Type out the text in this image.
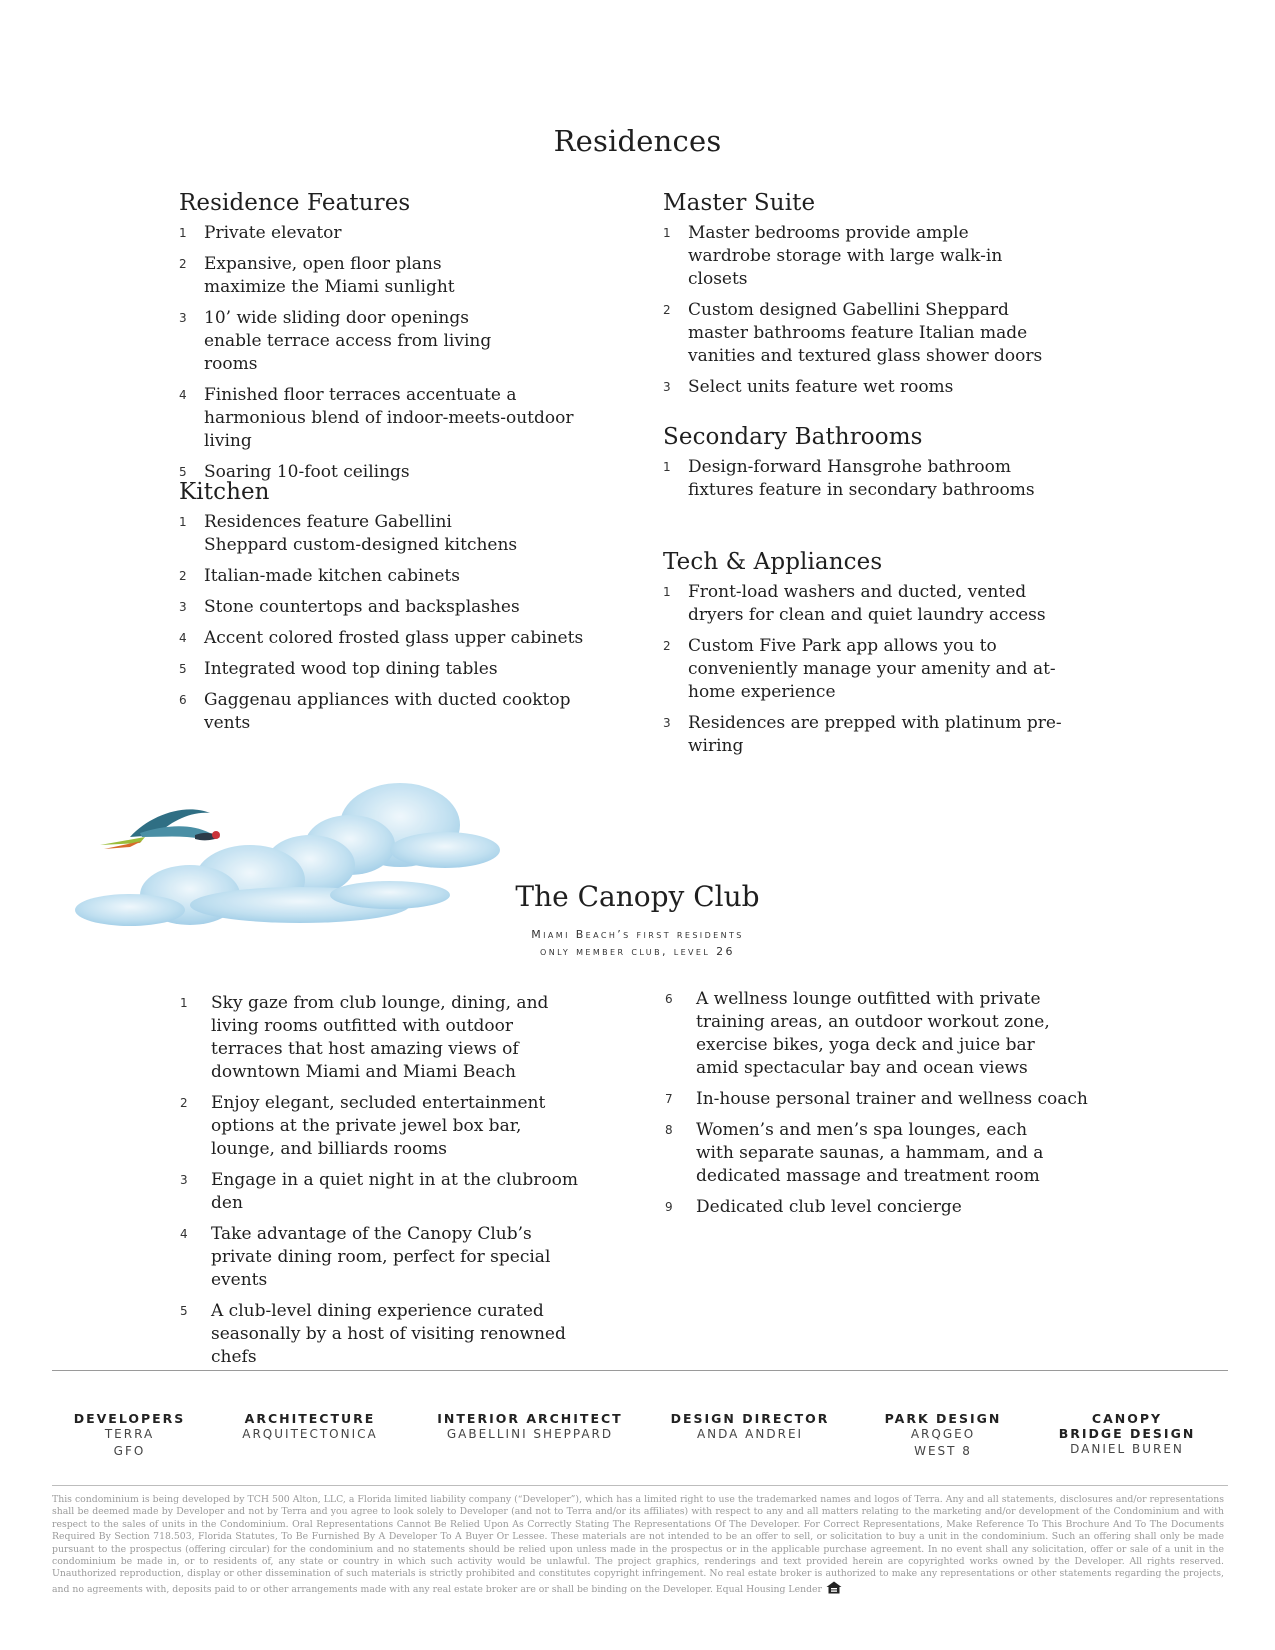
Residences
Residence Features
1 Private elevator
2 Expansive, open floor plans maximize the Miami sunlight
3 10’ wide sliding door openings enable terrace access from living rooms
4 Finished floor terraces accentuate a harmonious blend of indoor-meets-outdoor living
5 Soaring 10-foot ceilings
Kitchen
1 Residences feature Gabellini Sheppard custom-designed kitchens
2 Italian-made kitchen cabinets
3 Stone countertops and backsplashes
4 Accent colored frosted glass upper cabinets
5 Integrated wood top dining tables
6 Gaggenau appliances with ducted cooktop vents
Master Suite
1 Master bedrooms provide ample wardrobe storage with large walk-in closets
2 Custom designed Gabellini Sheppard master bathrooms feature Italian made vanities and textured glass shower doors
3 Select units feature wet rooms
Secondary Bathrooms
1 Design-forward Hansgrohe bathroom fixtures feature in secondary bathrooms
Tech & Appliances
1 Front-load washers and ducted, vented dryers for clean and quiet laundry access
2 Custom Five Park app allows you to conveniently manage your amenity and at-home experience
3 Residences are prepped with platinum pre-wiring
The Canopy Club
Miami Beach’s first residents
only member club, level 26
1 Sky gaze from club lounge, dining, and living rooms outfitted with outdoor terraces that host amazing views of downtown Miami and Miami Beach
2 Enjoy elegant, secluded entertainment options at the private jewel box bar, lounge, and billiards rooms
3 Engage in a quiet night in at the clubroom den
4 Take advantage of the Canopy Club’s private dining room, perfect for special events
5 A club-level dining experience curated seasonally by a host of visiting renowned chefs
6 A wellness lounge outfitted with private training areas, an outdoor workout zone, exercise bikes, yoga deck and juice bar amid spectacular bay and ocean views
7 In-house personal trainer and wellness coach
8 Women’s and men’s spa lounges, each with separate saunas, a hammam, and a dedicated massage and treatment room
9 Dedicated club level concierge
DEVELOPERS
TERRA
GFO
ARCHITECTURE
ARQUITECTONICA
INTERIOR ARCHITECT
GABELLINI SHEPPARD
DESIGN DIRECTOR
ANDA ANDREI
PARK DESIGN
ARQGEO
WEST 8
CANOPY
BRIDGE DESIGN
DANIEL BUREN

This condominium is being developed by TCH 500 Alton, LLC, a Florida limited liability company (“Developer”), which has a limited right to use the trademarked names and logos of Terra. Any and all statements, disclosures and/or representations shall be deemed made by Developer and not by Terra and you agree to look solely to Developer (and not to Terra and/or its affiliates) with respect to any and all matters relating to the marketing and/or development of the Condominium and with respect to the sales of units in the Condominium. Oral Representations Cannot Be Relied Upon As Correctly Stating The Representations Of The Developer. For Correct Representations, Make Reference To This Brochure And To The Documents Required By Section 718.503, Florida Statutes, To Be Furnished By A Developer To A Buyer Or Lessee. These materials are not intended to be an offer to sell, or solicitation to buy a unit in the condominium. Such an offering shall only be made pursuant to the prospectus (offering circular) for the condominium and no statements should be relied upon unless made in the prospectus or in the applicable purchase agreement. In no event shall any solicitation, offer or sale of a unit in the condominium be made in, or to residents of, any state or country in which such activity would be unlawful. The project graphics, renderings and text provided herein are copyrighted works owned by the Developer. All rights reserved. Unauthorized reproduction, display or other dissemination of such materials is strictly prohibited and constitutes copyright infringement. No real estate broker is authorized to make any representations or other statements regarding the projects, and no agreements with, deposits paid to or other arrangements made with any real estate broker are or shall be binding on the Developer. Equal Housing Lender
